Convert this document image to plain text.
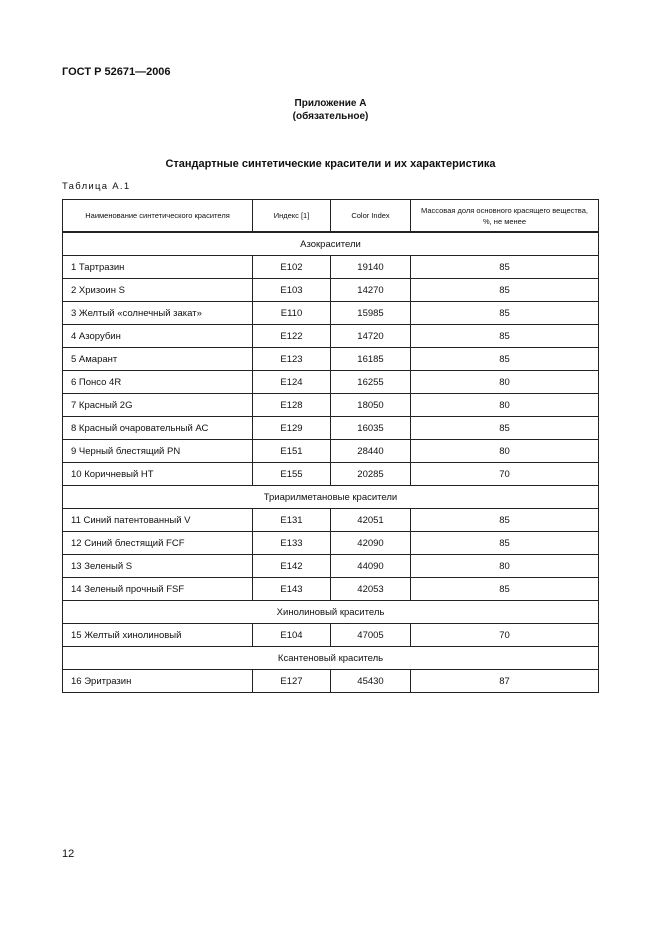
ГОСТ Р 52671—2006
Приложение А
(обязательное)
Стандартные синтетические красители и их характеристика
Таблица А.1
Наименование синтетического красителя	Индекс [1]	Color Index	Массовая доля основного красящего вещества, %, не менее
Азокрасители			
1 Тартразин	E102	19140	85
2 Хризоин S	E103	14270	85
3 Желтый «солнечный закат»	E110	15985	85
4 Азорубин	E122	14720	85
5 Амарант	E123	16185	85
6 Понсо 4R	E124	16255	80
7 Красный 2G	E128	18050	80
8 Красный очаровательный АС	E129	16035	85
9 Черный блестящий PN	E151	28440	80
10 Коричневый НТ	E155	20285	70
Триарилметановые красители			
11 Синий патентованный V	E131	42051	85
12 Синий блестящий FCF	E133	42090	85
13 Зеленый S	E142	44090	80
14 Зеленый прочный FSF	E143	42053	85
Хинолиновый краситель			
15 Желтый хинолиновый	E104	47005	70
Ксантеновый краситель			
16 Эритразин	E127	45430	87
12
